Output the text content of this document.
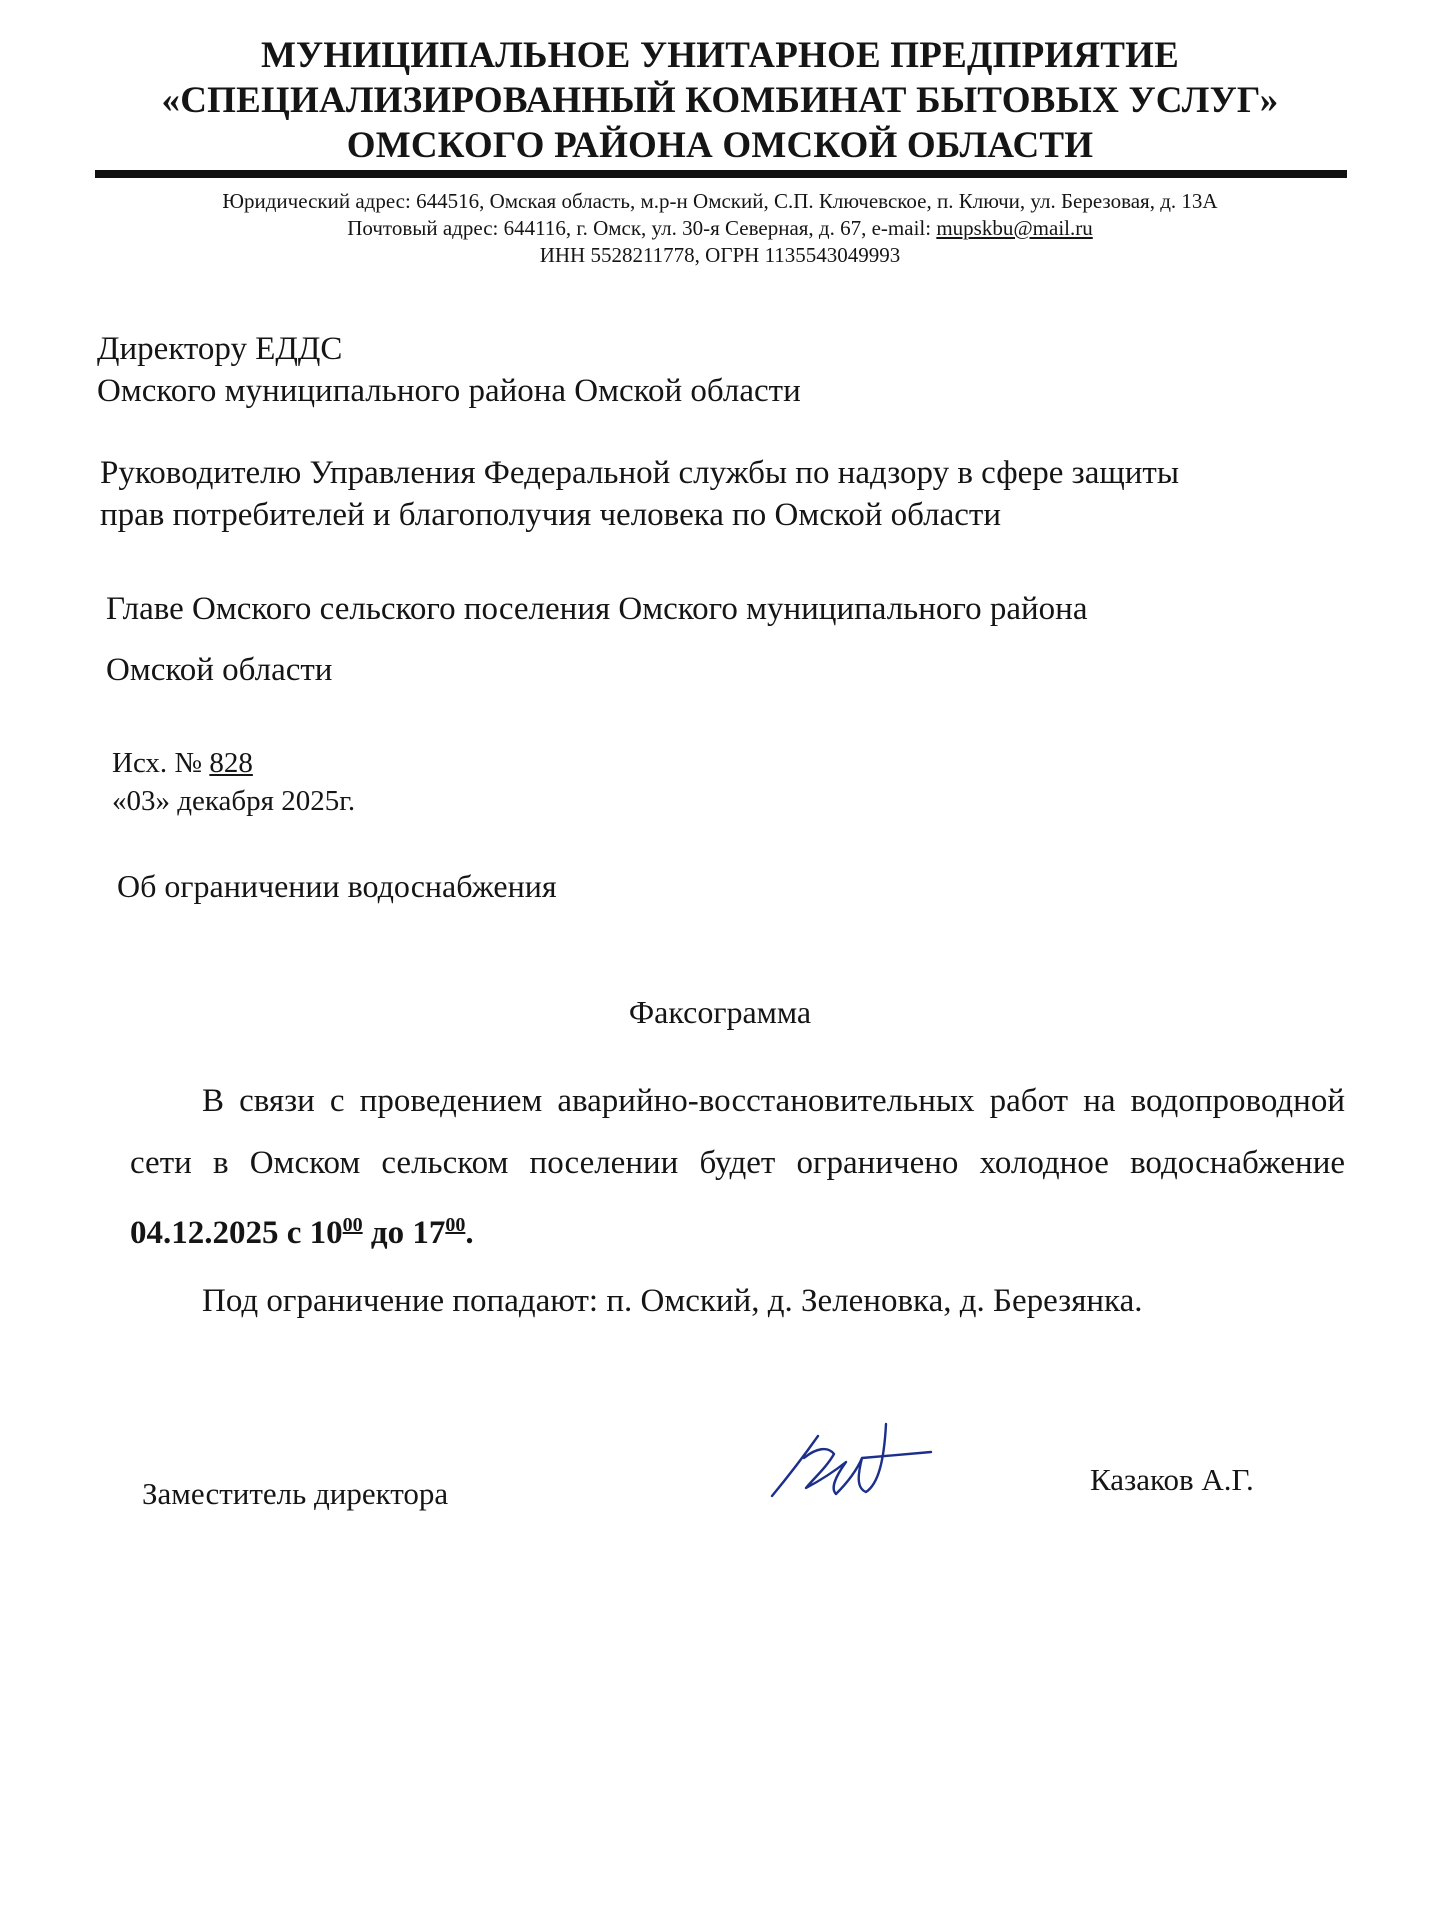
МУНИЦИПАЛЬНОЕ УНИТАРНОЕ ПРЕДПРИЯТИЕ
«СПЕЦИАЛИЗИРОВАННЫЙ КОМБИНАТ БЫТОВЫХ УСЛУГ»
ОМСКОГО РАЙОНА ОМСКОЙ ОБЛАСТИ
Юридический адрес: 644516, Омская область, м.р-н Омский, С.П. Ключевское, п. Ключи, ул. Березовая, д. 13А
Почтовый адрес: 644116, г. Омск, ул. 30-я Северная, д. 67, e-mail: mupskbu@mail.ru
ИНН 5528211778, ОГРН 1135543049993
Директору ЕДДС
Омского муниципального района Омской области
Руководителю Управления Федеральной службы по надзору в сфере защиты
прав потребителей и благополучия человека по Омской области
Главе Омского сельского поселения Омского муниципального района
Омской области
Исх. № 828
«03» декабря 2025г.
Об ограничении водоснабжения
Факсограмма

В связи с проведением аварийно-восстановительных работ на водопроводной сети в Омском сельском поселении будет ограничено холодное водоснабжение 04.12.2025 с $10^{00}$ до $17^{00}$.

Под ограничение попадают: п. Омский, д. Зеленовка, д. Березянка.

Заместитель директора	Казаков А.Г.
